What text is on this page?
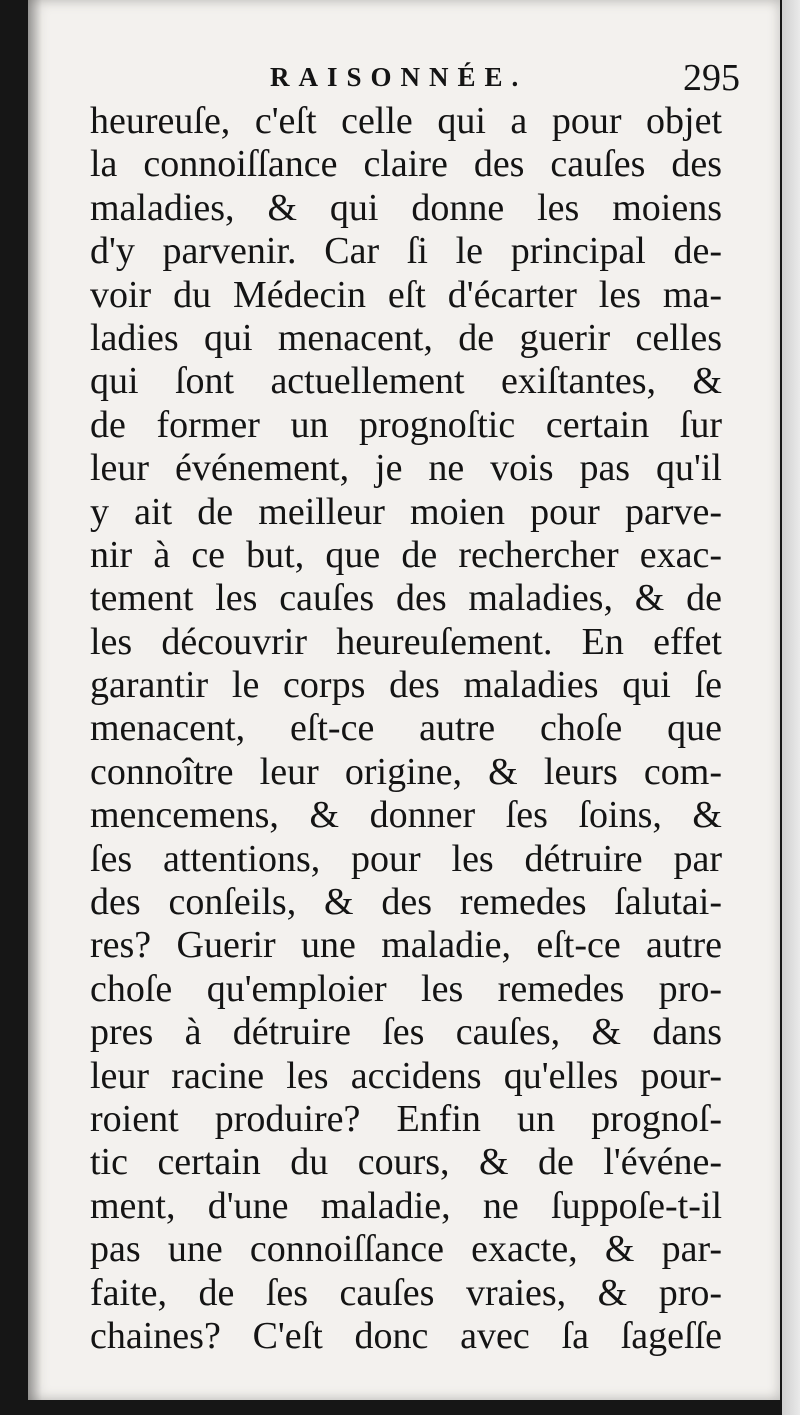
RAISONNÉE.	295
heureuſe, c'eſt celle qui a pour objet
la connoiſſance claire des cauſes des
maladies, & qui donne les moiens
d'y parvenir. Car ſi le principal de-
voir du Médecin eſt d'écarter les ma-
ladies qui menacent, de guerir celles
qui ſont actuellement exiſtantes, &
de former un prognoſtic certain ſur
leur événement, je ne vois pas qu'il
y ait de meilleur moien pour parve-
nir à ce but, que de rechercher exac-
tement les cauſes des maladies, & de
les découvrir heureuſement. En effet
garantir le corps des maladies qui ſe
menacent, eſt-ce autre choſe que
connoître leur origine, & leurs com-
mencemens, & donner ſes ſoins, &
ſes attentions, pour les détruire par
des conſeils, & des remedes ſalutai-
res? Guerir une maladie, eſt-ce autre
choſe qu'emploier les remedes pro-
pres à détruire ſes cauſes, & dans
leur racine les accidens qu'elles pour-
roient produire? Enfin un prognoſ-
tic certain du cours, & de l'événe-
ment, d'une maladie, ne ſuppoſe-t-il
pas une connoiſſance exacte, & par-
faite, de ſes cauſes vraies, & pro-
chaines? C'eſt donc avec ſa ſageſſe
